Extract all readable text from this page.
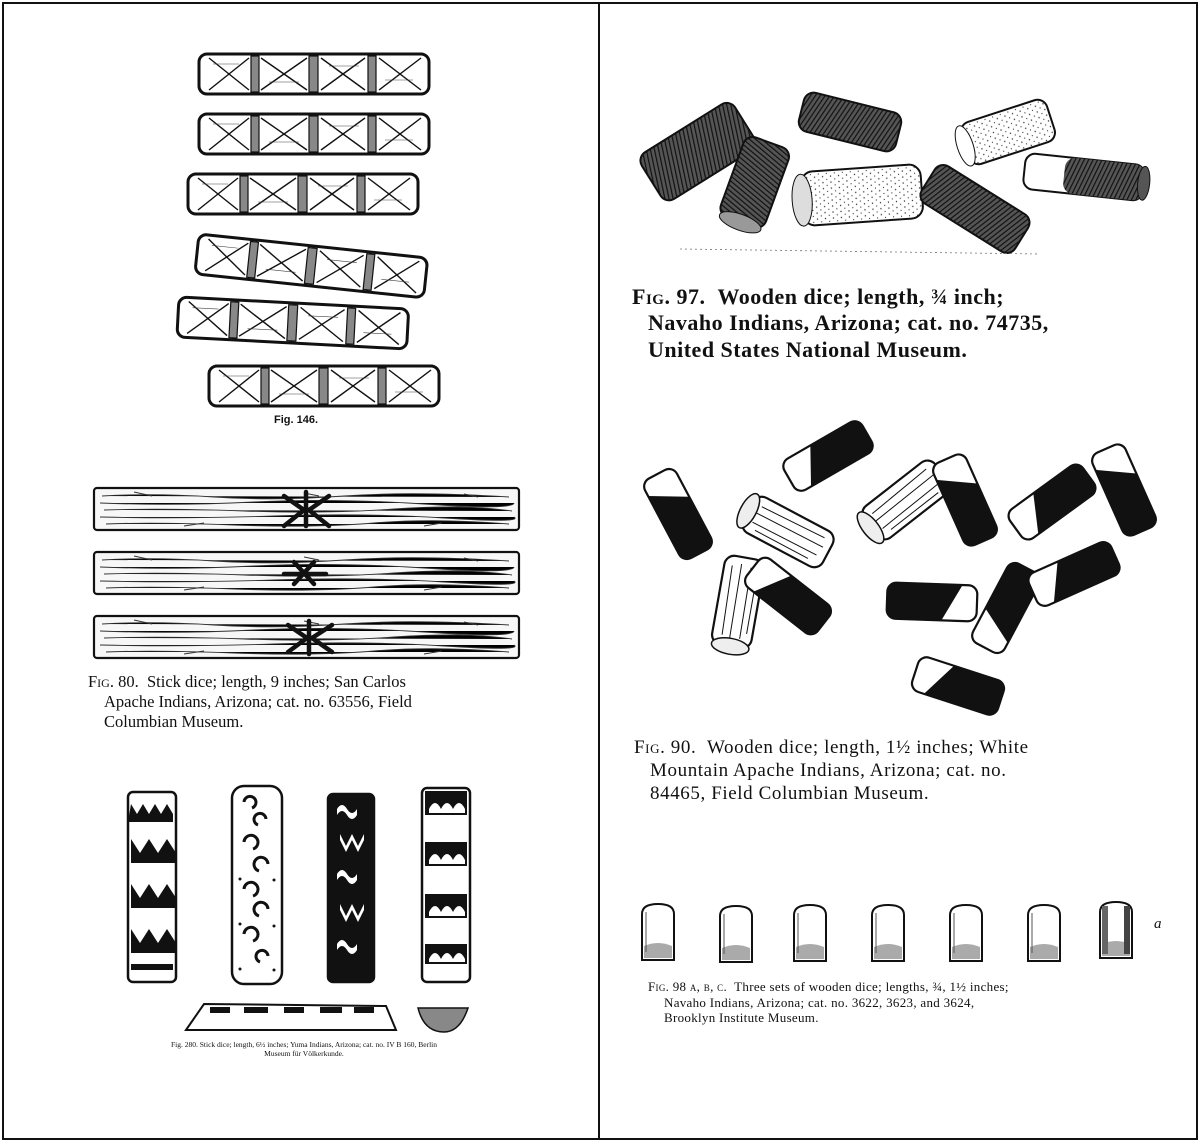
Fig. 146.
Fig. 80. Stick dice; length, 9 inches; San Carlos
Apache Indians, Arizona; cat. no. 63556, Field
Columbian Museum.
Fig. 280. Stick dice; length, 6½ inches; Yuma Indians, Arizona; cat. no. IV B 160, Berlin
Museum für Völkerkunde.
Fig. 97. Wooden dice; length, ¾ inch;
Navaho Indians, Arizona; cat. no. 74735,
United States National Museum.
Fig. 90. Wooden dice; length, 1½ inches; White
Mountain Apache Indians, Arizona; cat. no.
84465, Field Columbian Museum.
a
Fig. 98 a, b, c. Three sets of wooden dice; lengths, ¾, 1½ inches;
Navaho Indians, Arizona; cat. no. 3622, 3623, and 3624,
Brooklyn Institute Museum.
